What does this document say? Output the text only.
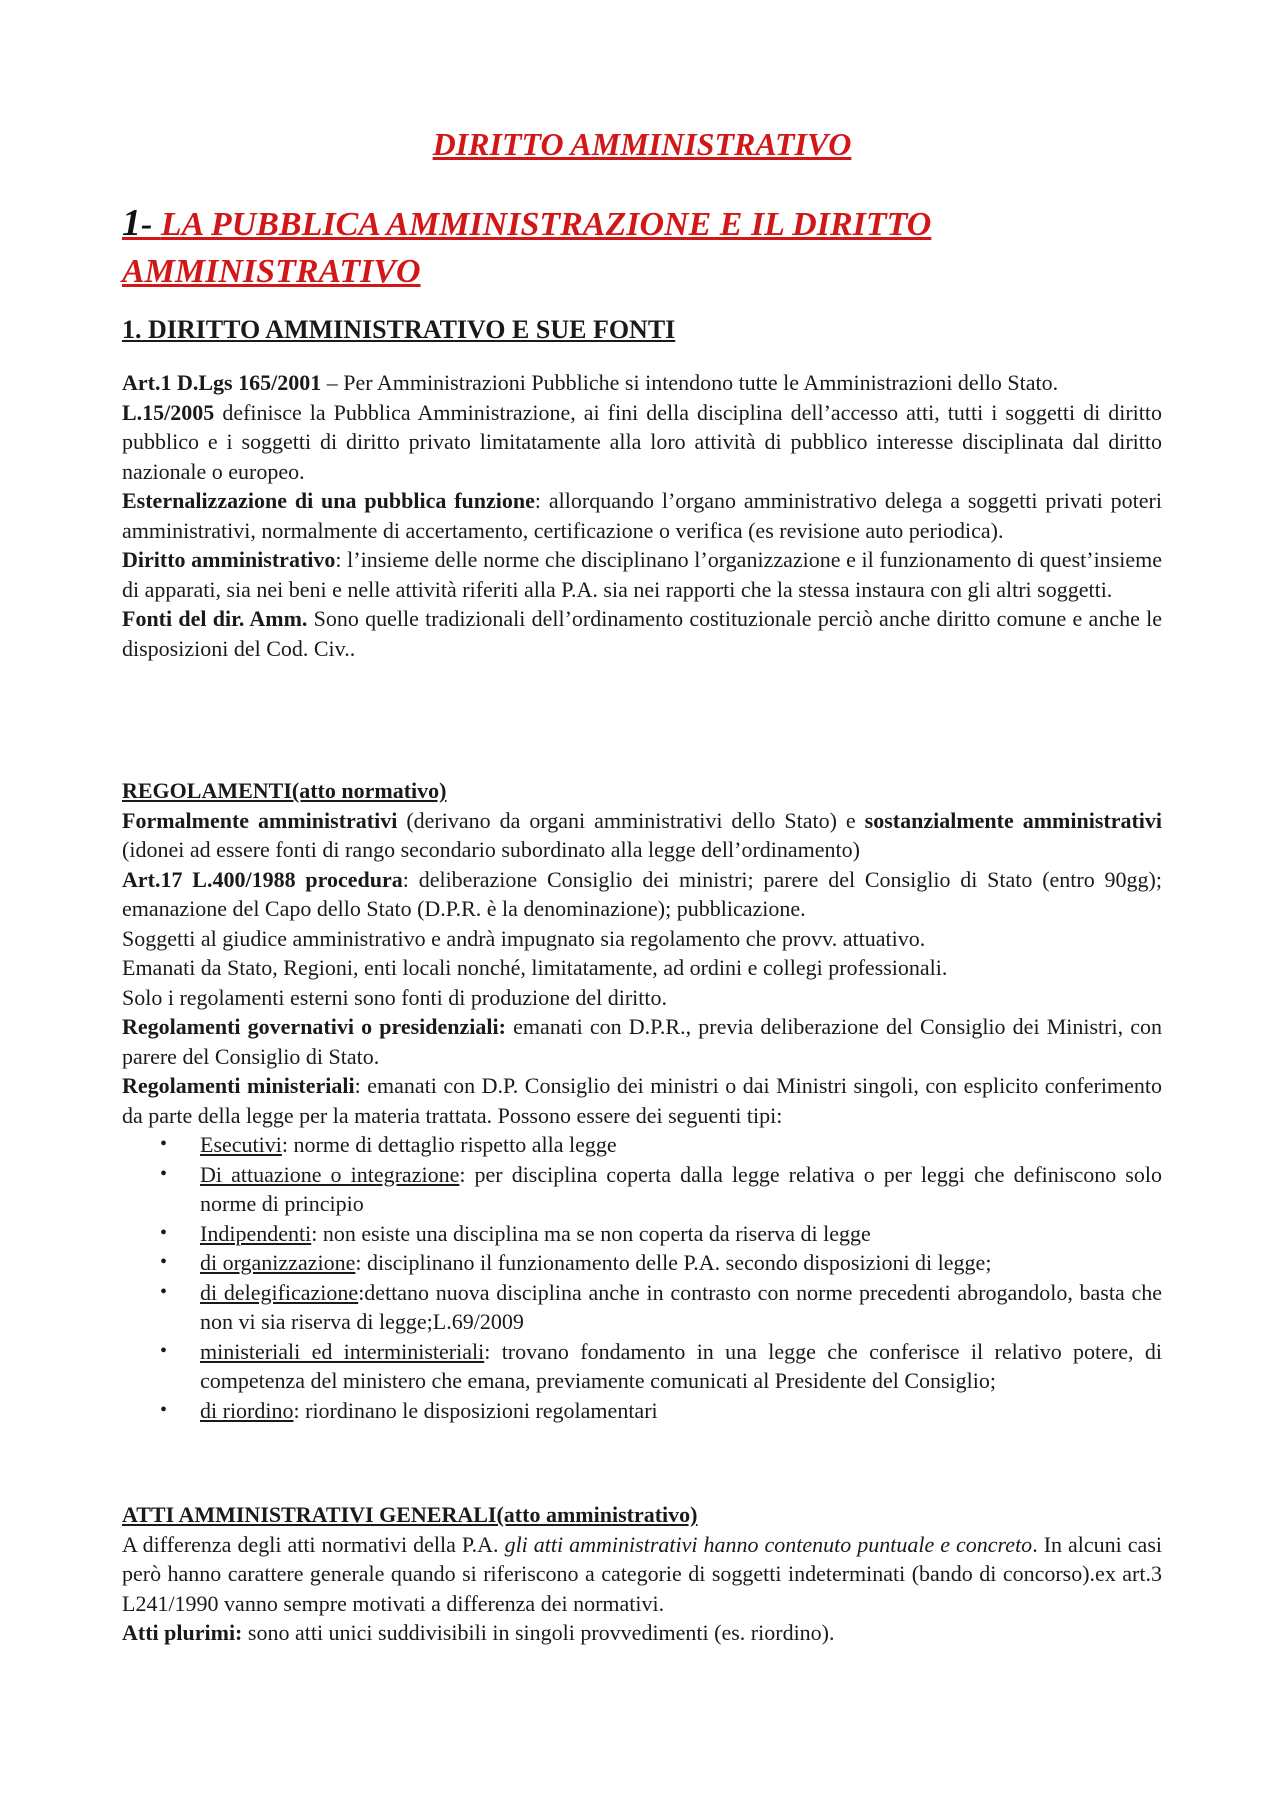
DIRITTO AMMINISTRATIVO
1- LA PUBBLICA AMMINISTRAZIONE E IL DIRITTO AMMINISTRATIVO
1. DIRITTO AMMINISTRATIVO E SUE FONTI

Art.1 D.Lgs 165/2001 – Per Amministrazioni Pubbliche si intendono tutte le Amministrazioni dello Stato.

L.15/2005 definisce la Pubblica Amministrazione, ai fini della disciplina dell’accesso atti, tutti i soggetti di diritto pubblico e i soggetti di diritto privato limitatamente alla loro attività di pubblico interesse disciplinata dal diritto nazionale o europeo.

Esternalizzazione di una pubblica funzione: allorquando l’organo amministrativo delega a soggetti privati poteri amministrativi, normalmente di accertamento, certificazione o verifica (es revisione auto periodica).

Diritto amministrativo: l’insieme delle norme che disciplinano l’organizzazione e il funzionamento di quest’insieme di apparati, sia nei beni e nelle attività riferiti alla P.A. sia nei rapporti che la stessa instaura con gli altri soggetti.

Fonti del dir. Amm. Sono quelle tradizionali dell’ordinamento costituzionale perciò anche diritto comune e anche le disposizioni del Cod. Civ..

REGOLAMENTI(atto normativo)

Formalmente amministrativi (derivano da organi amministrativi dello Stato) e sostanzialmente amministrativi (idonei ad essere fonti di rango secondario subordinato alla legge dell’ordinamento)

Art.17 L.400/1988 procedura: deliberazione Consiglio dei ministri; parere del Consiglio di Stato (entro 90gg); emanazione del Capo dello Stato (D.P.R. è la denominazione); pubblicazione.

Soggetti al giudice amministrativo e andrà impugnato sia regolamento che provv. attuativo.

Emanati da Stato, Regioni, enti locali nonché, limitatamente, ad ordini e collegi professionali.

Solo i regolamenti esterni sono fonti di produzione del diritto.

Regolamenti governativi o presidenziali: emanati con D.P.R., previa deliberazione del Consiglio dei Ministri, con parere del Consiglio di Stato.

Regolamenti ministeriali: emanati con D.P. Consiglio dei ministri o dai Ministri singoli, con esplicito conferimento da parte della legge per la materia trattata. Possono essere dei seguenti tipi:

• Esecutivi: norme di dettaglio rispetto alla legge
• Di attuazione o integrazione: per disciplina coperta dalla legge relativa o per leggi che definiscono solo norme di principio
• Indipendenti: non esiste una disciplina ma se non coperta da riserva di legge
• di organizzazione: disciplinano il funzionamento delle P.A. secondo disposizioni di legge;
• di delegificazione:dettano nuova disciplina anche in contrasto con norme precedenti abrogandolo, basta che non vi sia riserva di legge;L.69/2009
• ministeriali ed interministeriali: trovano fondamento in una legge che conferisce il relativo potere, di competenza del ministero che emana, previamente comunicati al Presidente del Consiglio;
• di riordino: riordinano le disposizioni regolamentari

ATTI AMMINISTRATIVI GENERALI(atto amministrativo)

A differenza degli atti normativi della P.A. gli atti amministrativi hanno contenuto puntuale e concreto. In alcuni casi però hanno carattere generale quando si riferiscono a categorie di soggetti indeterminati (bando di concorso).ex art.3 L241/1990 vanno sempre motivati a differenza dei normativi.

Atti plurimi: sono atti unici suddivisibili in singoli provvedimenti (es. riordino).
